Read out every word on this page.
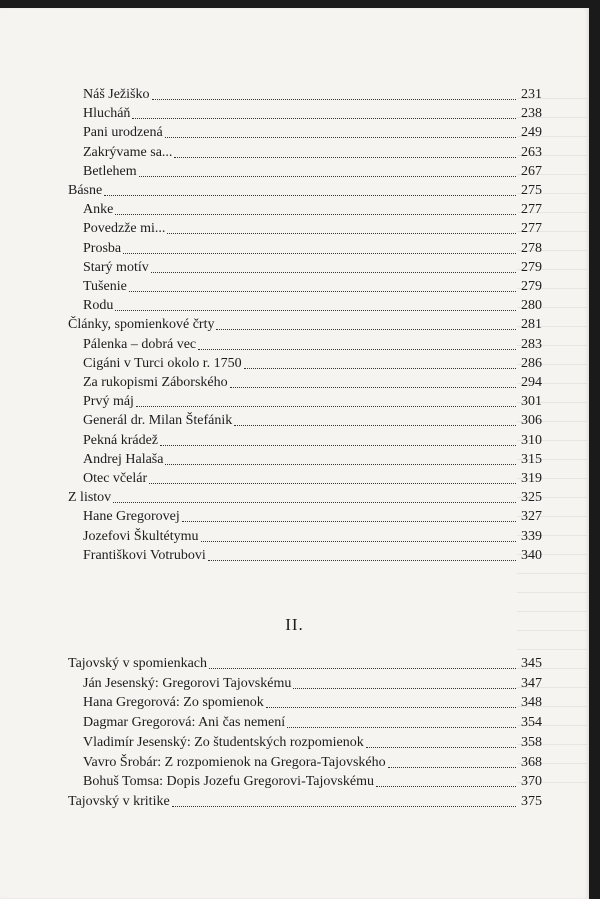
Náš Ježiško	231
Hlucháň	238
Pani urodzená	249
Zakrývame sa...	263
Betlehem	267
Básne	275
Anke	277
Povedzže mi...	277
Prosba	278
Starý motív	279
Tušenie	279
Rodu	280
Články, spomienkové črty	281
Pálenka – dobrá vec	283
Cigáni v Turci okolo r. 1750	286
Za rukopismi Záborského	294
Prvý máj	301
Generál dr. Milan Štefánik	306
Pekná krádež	310
Andrej Halaša	315
Otec včelár	319
Z listov	325
Hane Gregorovej	327
Jozefovi Škultétymu	339
Františkovi Votrubovi	340
Tajovský v spomienkach	345
Ján Jesenský: Gregorovi Tajovskému	347
Hana Gregorová: Zo spomienok	348
Dagmar Gregorová: Ani čas nemení	354
Vladimír Jesenský: Zo študentských rozpomienok	358
Vavro Šrobár: Z rozpomienok na Gregora-Tajovského	368
Bohuš Tomsa: Dopis Jozefu Gregorovi-Tajovskému	370
Tajovský v kritike	375
II.
